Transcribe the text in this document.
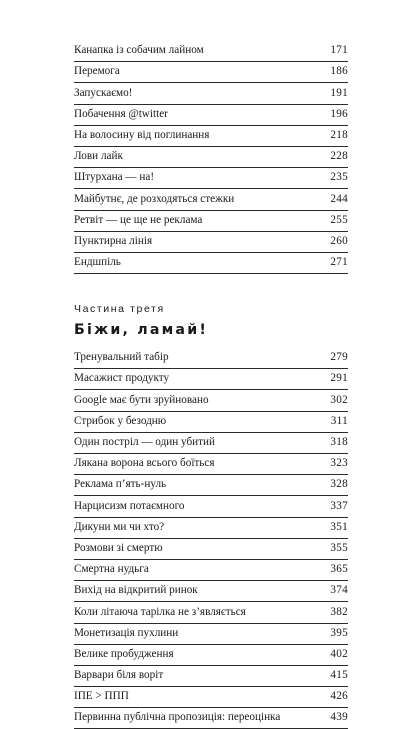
Канапка із собачим лайном	171
Перемога	186
Запускаємо!	191
Побачення @twitter	196
На волосину від поглинання	218
Лови лайк	228
Штурхана — на!	235
Майбутнє, де розходяться стежки	244
Ретвіт — це ще не реклама	255
Пунктирна лінія	260
Ендшпіль	271

Частина третя

Біжи, ламай!
Тренувальний табір	279
Масажист продукту	291
Google має бути зруйновано	302
Стрибок у безодню	311
Один постріл — один убитий	318
Лякана ворона всього боїться	323
Реклама п’ять-нуль	328
Нарцисизм потаємного	337
Дикуни ми чи хто?	351
Розмови зі смертю	355
Смертна нудьга	365
Вихід на відкритий ринок	374
Коли літаюча тарілка не з’являється	382
Монетизація пухлини	395
Велике пробудження	402
Варвари біля воріт	415
IПE > ППП	426
Первинна публічна пропозиція: переоцінка	439
